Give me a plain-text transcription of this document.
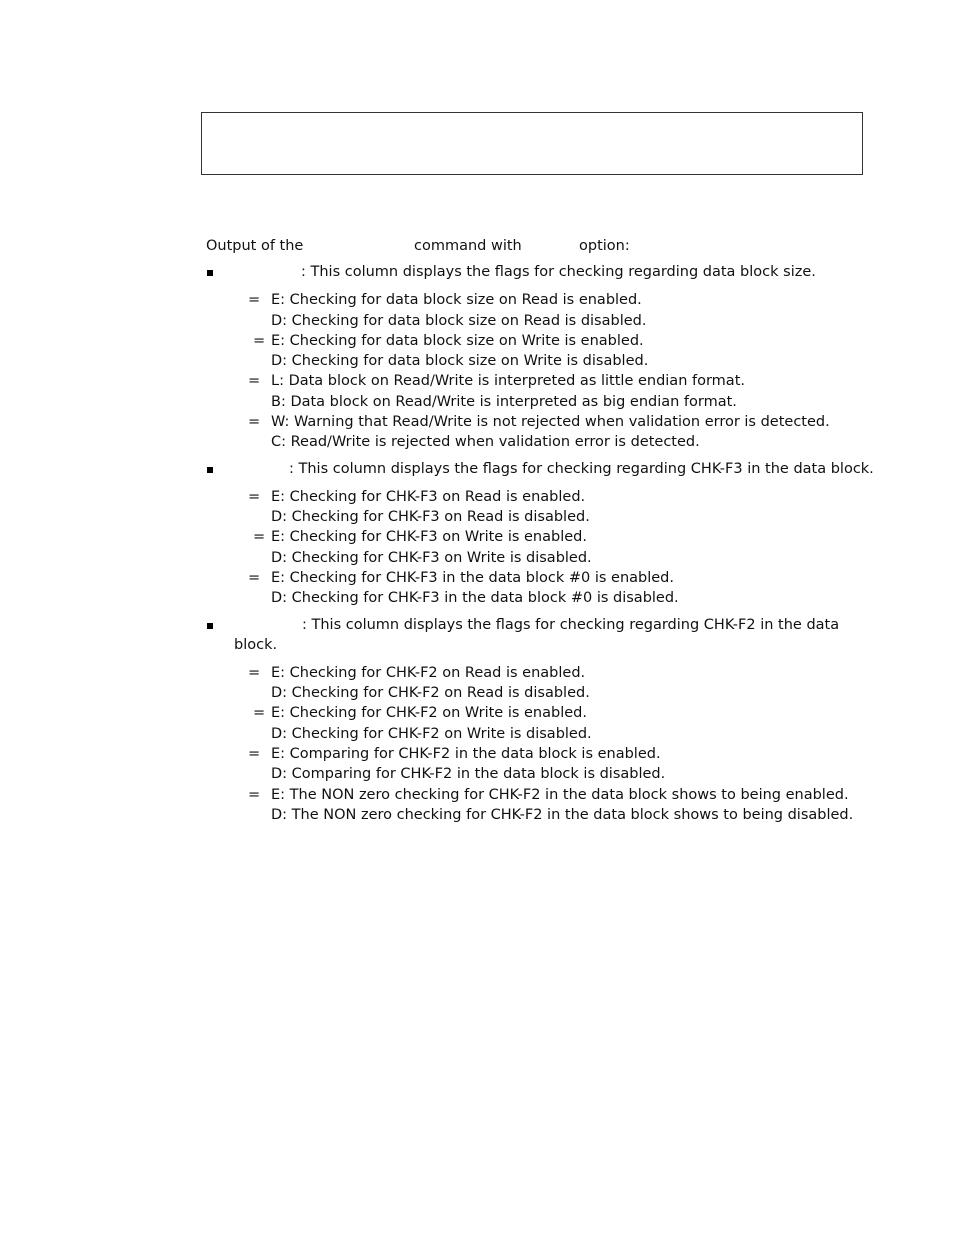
Output of the	command with	option:
: This column displays the flags for checking regarding data block size.
= E: Checking for data block size on Read is enabled.
D: Checking for data block size on Read is disabled.
= E: Checking for data block size on Write is enabled.
D: Checking for data block size on Write is disabled.
= L: Data block on Read/Write is interpreted as little endian format.
B: Data block on Read/Write is interpreted as big endian format.
= W: Warning that Read/Write is not rejected when validation error is detected.
C: Read/Write is rejected when validation error is detected.
: This column displays the flags for checking regarding CHK-F3 in the data block.
= E: Checking for CHK-F3 on Read is enabled.
D: Checking for CHK-F3 on Read is disabled.
= E: Checking for CHK-F3 on Write is enabled.
D: Checking for CHK-F3 on Write is disabled.
= E: Checking for CHK-F3 in the data block #0 is enabled.
D: Checking for CHK-F3 in the data block #0 is disabled.
: This column displays the flags for checking regarding CHK-F2 in the data
block.
= E: Checking for CHK-F2 on Read is enabled.
D: Checking for CHK-F2 on Read is disabled.
= E: Checking for CHK-F2 on Write is enabled.
D: Checking for CHK-F2 on Write is disabled.
= E: Comparing for CHK-F2 in the data block is enabled.
D: Comparing for CHK-F2 in the data block is disabled.
= E: The NON zero checking for CHK-F2 in the data block shows to being enabled.
D: The NON zero checking for CHK-F2 in the data block shows to being disabled.
